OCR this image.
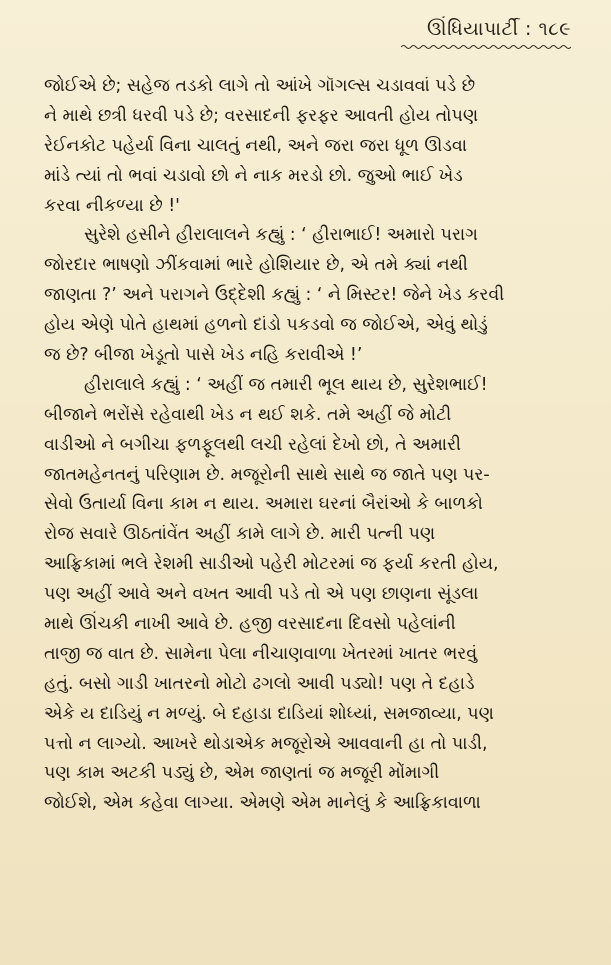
ઊંધિયાપાર્ટી : ૧૮૯
જોઈએ છે; સહેજ તડકો લાગે તો આંખે ગૉગલ્સ ચડાવવાં પડે છે
ને માથે છત્રી ધરવી પડે છે; વરસાદની ફરફર આવતી હોય તોપણ
રેઈનકોટ પહેર્યા વિના ચાલતું નથી, અને જરા જરા ધૂળ ઊડવા
માંડે ત્યાં તો ભવાં ચડાવો છો ને નાક મરડો છો. જુઓ ભાઈ ખેડ
કરવા નીકળ્યા છે !'
સુરેશે હસીને હીરાલાલને કહ્યું : ‘ હીરાભાઈ! અમારો પરાગ
જોરદાર ભાષણો ઝીંકવામાં ભારે હોશિયાર છે, એ તમે ક્યાં નથી
જાણતા ?’ અને પરાગને ઉદ્દેશી કહ્યું : ‘ ને મિસ્ટર! જેને ખેડ કરવી
હોય એણે પોતે હાથમાં હળનો દાંડો પકડવો જ જોઈએ, એવું થોડું
જ છે? બીજા ખેડૂતો પાસે ખેડ નહિ કરાવીએ !’
હીરાલાલે કહ્યું : ‘ અહીં જ તમારી ભૂલ થાય છે, સુરેશભાઈ!
બીજાને ભરોંસે રહેવાથી ખેડ ન થઈ શકે. તમે અહીં જે મોટી
વાડીઓ ને બગીચા ફળફૂલથી લચી રહેલાં દેખો છો, તે અમારી
જાતમહેનતનું પરિણામ છે. મજૂરોની સાથે સાથે જ જાતે પણ પર-
સેવો ઉતાર્યા વિના કામ ન થાય. અમારા ઘરનાં બૈરાંઓ કે બાળકો
રોજ સવારે ઊઠતાંવેંત અહીં કામે લાગે છે. મારી પત્ની પણ
આફ્રિકામાં ભલે રેશમી સાડીઓ પહેરી મોટરમાં જ ફર્યા કરતી હોય,
પણ અહીં આવે અને વખત આવી પડે તો એ પણ છાણના સૂંડલા
માથે ઊંચકી નાખી આવે છે. હજી વરસાદના દિવસો પહેલાંની
તાજી જ વાત છે. સામેના પેલા નીચાણવાળા ખેતરમાં ખાતર ભરવું
હતું. બસો ગાડી ખાતરનો મોટો ઢગલો આવી પડ્યો! પણ તે દહાડે
એકે ય દાડિયું ન મળ્યું. બે દહાડા દાડિયાં શોધ્યાં, સમજાવ્યા, પણ
પત્તો ન લાગ્યો. આખરે થોડાએક મજૂરોએ આવવાની હા તો પાડી,
પણ કામ અટકી પડ્યું છે, એમ જાણતાં જ મજૂરી મોંમાગી
જોઈશે, એમ કહેવા લાગ્યા. એમણે એમ માનેલું કે આફ્રિકાવાળા
